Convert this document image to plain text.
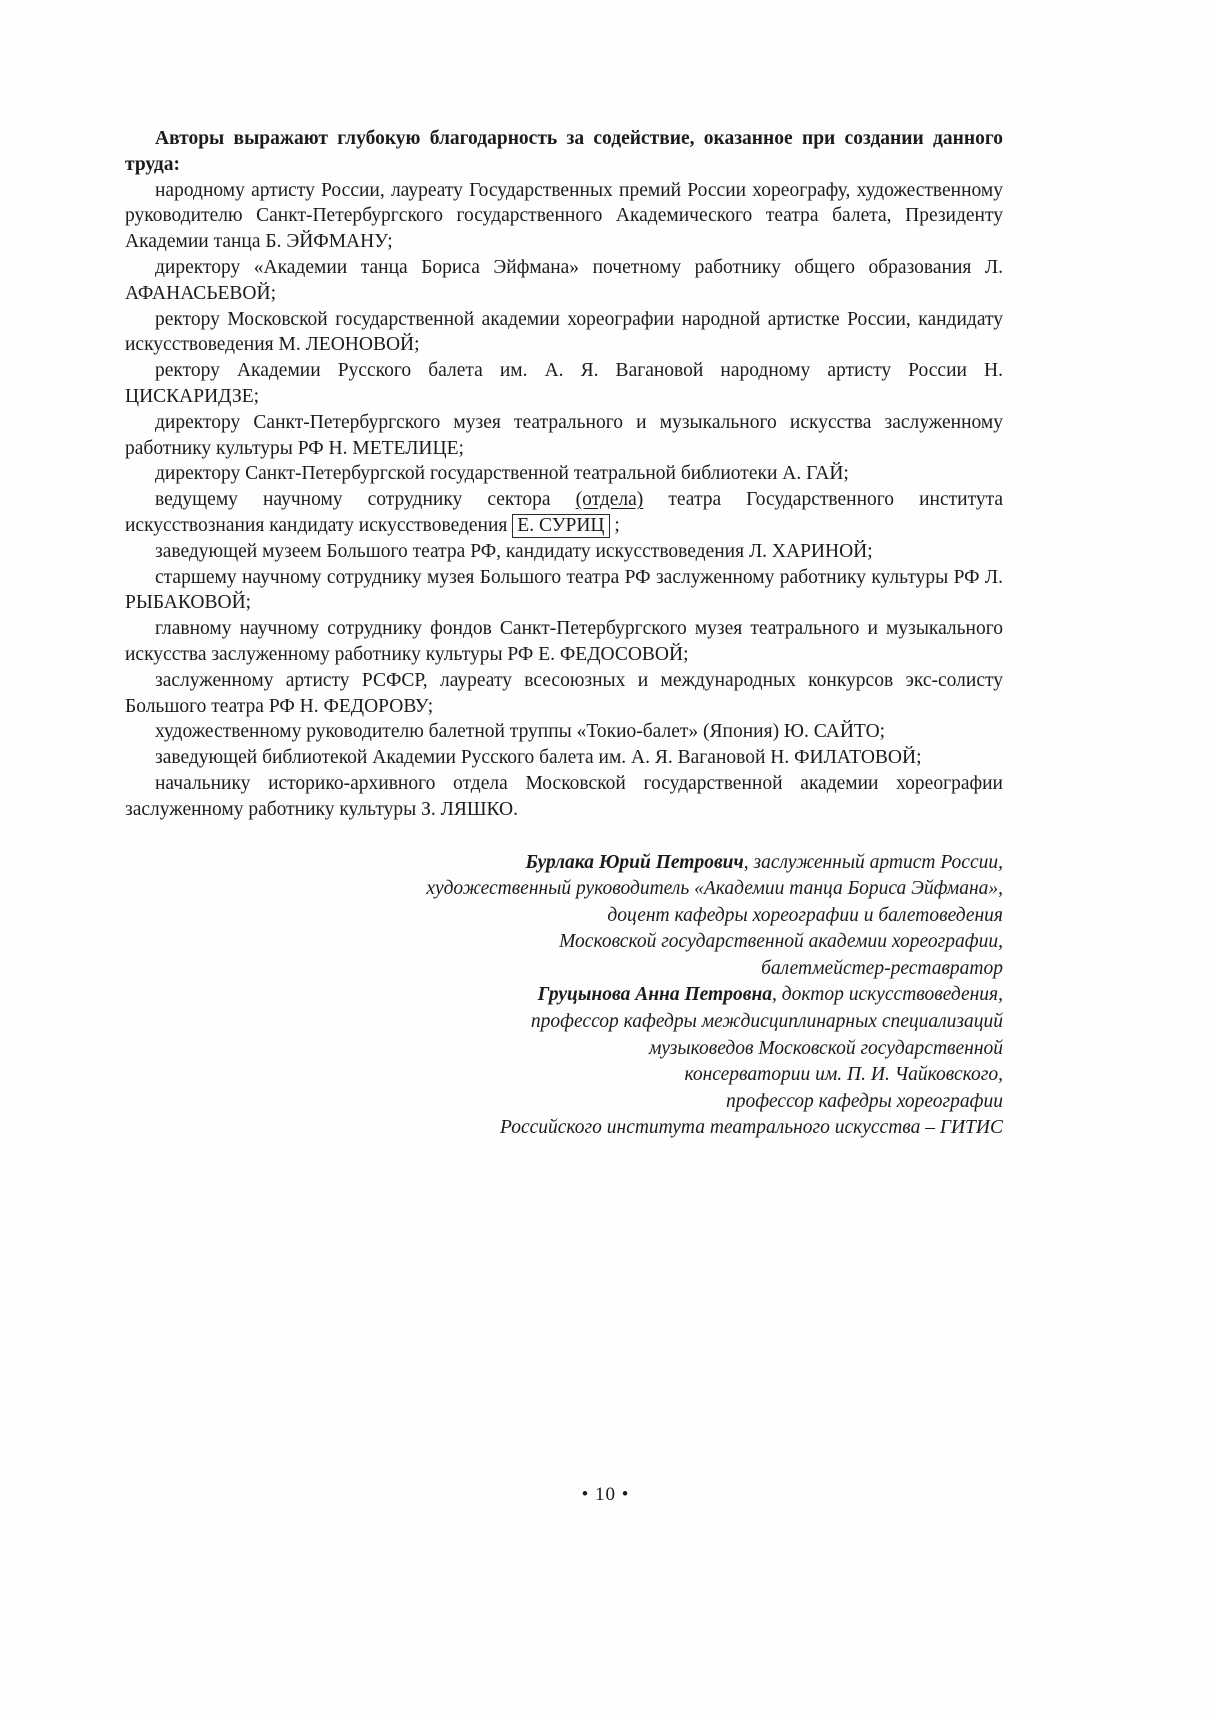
Авторы выражают глубокую благодарность за содействие, оказанное при создании данного труда:

народному артисту России, лауреату Государственных премий России хореографу, художественному руководителю Санкт-Петербургского государственного Академического театра балета, Президенту Академии танца Б. ЭЙФМАНУ;

директору «Академии танца Бориса Эйфмана» почетному работнику общего образования Л. АФАНАСЬЕВОЙ;

ректору Московской государственной академии хореографии народной артистке России, кандидату искусствоведения М. ЛЕОНОВОЙ;

ректору Академии Русского балета им. А. Я. Вагановой народному артисту России Н. ЦИСКАРИДЗЕ;

директору Санкт-Петербургского музея театрального и музыкального искусства заслуженному работнику культуры РФ Н. МЕТЕЛИЦЕ;

директору Санкт-Петербургской государственной театральной библиотеки А. ГАЙ;

ведущему научному сотруднику сектора (отдела) театра Государственного института искусствознания кандидату искусствоведения Е. СУРИЦ ;

заведующей музеем Большого театра РФ, кандидату искусствоведения Л. ХАРИНОЙ;

старшему научному сотруднику музея Большого театра РФ заслуженному работнику культуры РФ Л. РЫБАКОВОЙ;

главному научному сотруднику фондов Санкт-Петербургского музея театрального и музыкального искусства заслуженному работнику культуры РФ Е. ФЕДОСОВОЙ;

заслуженному артисту РСФСР, лауреату всесоюзных и международных конкурсов экс-солисту Большого театра РФ Н. ФЕДОРОВУ;

художественному руководителю балетной труппы «Токио-балет» (Япония) Ю. САЙТО;

заведующей библиотекой Академии Русского балета им. А. Я. Вагановой Н. ФИЛАТОВОЙ;

начальнику историко-архивного отдела Московской государственной академии хореографии заслуженному работнику культуры З. ЛЯШКО.

Бурлака Юрий Петрович, заслуженный артист России,

художественный руководитель «Академии танца Бориса Эйфмана»,

доцент кафедры хореографии и балетоведения

Московской государственной академии хореографии,

балетмейстер-реставратор

Груцынова Анна Петровна, доктор искусствоведения,

профессор кафедры междисциплинарных специализаций

музыковедов Московской государственной

консерватории им. П. И. Чайковского,

профессор кафедры хореографии

Российского института театрального искусства – ГИТИС

• 10 •
